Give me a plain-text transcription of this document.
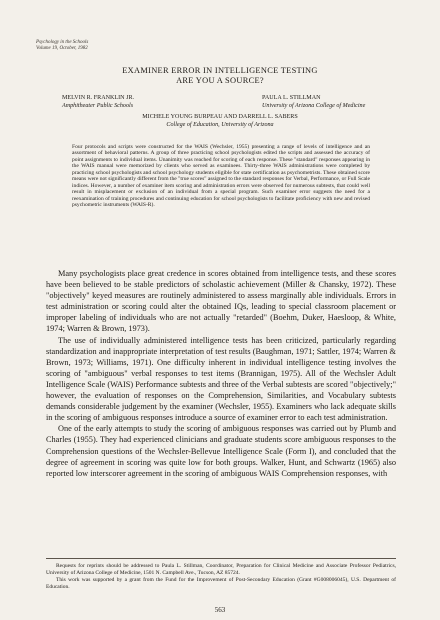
Psychology in the Schools
Volume 19, October, 1982
EXAMINER ERROR IN INTELLIGENCE TESTING
ARE YOU A SOURCE?
MELVIN R. FRANKLIN JR.	PAULA L. STILLMAN
Amphitheater Public Schools	University of Arizona College of Medicine
MICHELE YOUNG BURPEAU AND DARRELL L. SABERS
College of Education, University of Arizona
Four protocols and scripts were constructed for the WAIS (Wechsler, 1955) presenting a range of levels of intelligence and an assortment of behavioral patterns. A group of three practicing school psychologists edited the scripts and assessed the accuracy of point assignments to individual items. Unanimity was reached for scoring of each response. These "standard" responses appearing in the WAIS manual were memorized by clients who served as examinees. Thirty-three WAIS administrations were completed by practicing school psychologists and school psychology students eligible for state certification as psychometrists. These obtained score means were not significantly different from the "true scores" assigned to the standard responses for Verbal, Performance, or Full Scale indices. However, a number of examiner item scoring and administration errors were observed for numerous subtests, that could well result in misplacement or exclusion of an individual from a special program. Such examiner error suggests the need for a reexamination of training procedures and continuing education for school psychologists to facilitate proficiency with new and revised psychometric instruments (WAIS-R).

Many psychologists place great credence in scores obtained from intelligence tests, and these scores have been believed to be stable predictors of scholastic achievement (Miller & Chansky, 1972). These "objectively" keyed measures are routinely administered to assess marginally able individuals. Errors in test administration or scoring could alter the obtained IQs, leading to special classroom placement or improper labeling of individuals who are not actually "retarded" (Boehm, Duker, Haesloop, & White, 1974; Warren & Brown, 1973).

The use of individually administered intelligence tests has been criticized, particularly regarding standardization and inappropriate interpretation of test results (Baughman, 1971; Sattler, 1974; Warren & Brown, 1973; Williams, 1971). One difficulty inherent in individual intelligence testing involves the scoring of "ambiguous" verbal responses to test items (Brannigan, 1975). All of the Wechsler Adult Intelligence Scale (WAIS) Performance subtests and three of the Verbal subtests are scored "objectively;" however, the evaluation of responses on the Comprehension, Similarities, and Vocabulary subtests demands considerable judgement by the examiner (Wechsler, 1955). Examiners who lack adequate skills in the scoring of ambiguous responses introduce a source of examiner error to each test administration.

One of the early attempts to study the scoring of ambiguous responses was carried out by Plumb and Charles (1955). They had experienced clinicians and graduate students score ambiguous responses to the Comprehension questions of the Wechsler-Bellevue Intelligence Scale (Form I), and concluded that the degree of agreement in scoring was quite low for both groups. Walker, Hunt, and Schwartz (1965) also reported low interscorer agreement in the scoring of ambiguous WAIS Comprehension responses, with

Requests for reprints should be addressed to Paula L. Stillman, Coordinator, Preparation for Clinical Medicine and Associate Professor Pediatrics, University of Arizona College of Medicine, 1501 N. Campbell Ave., Tucson, AZ 85724.

This work was supported by a grant from the Fund for the Improvement of Post-Secondary Education (Grant #G008006045), U.S. Department of Education.

563
